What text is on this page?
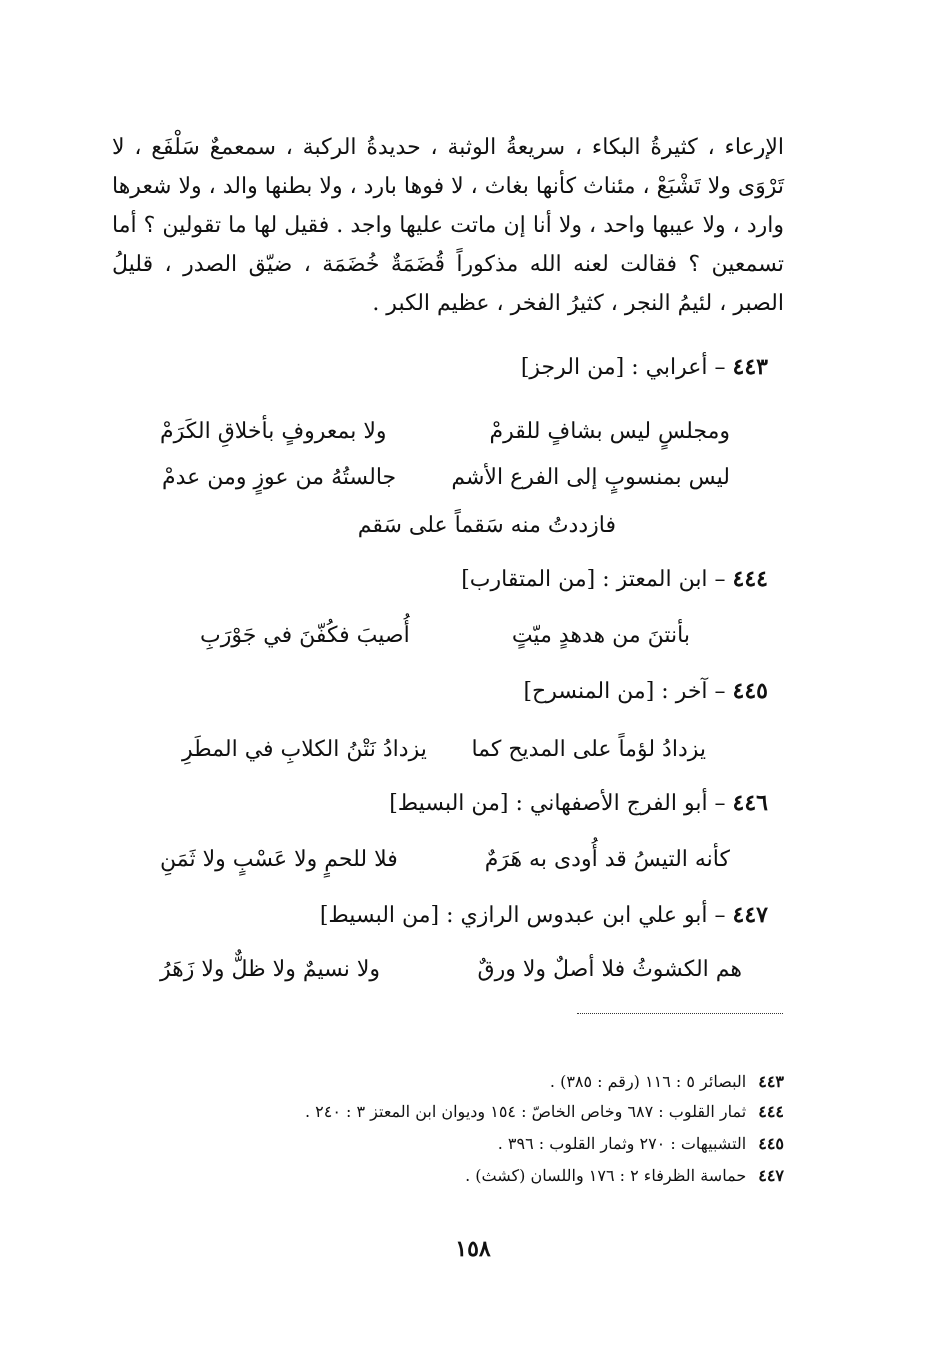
الإرعاء ، كثيرةُ البكاء ، سريعةُ الوثبة ، حديدةُ الركبة ، سمعمعٌ سَلْفَع ، لا تَرْوَى ولا تَشْبَعْ ، مئناث كأنها بغاث ، لا فوها بارد ، ولا بطنها والد ، ولا شعرها وارد ، ولا عيبها واحد ، ولا أنا إن ماتت عليها واجد . فقيل لها ما تقولين ؟ أما تسمعين ؟ فقالت لعنه الله مذكوراً قُضَمَةٌ خُضَمَة ، ضيّق الصدر ، قليلُ الصبر ، لئيمُ النجر ، كثيرُ الفخر ، عظيم الكبر .

٤٤٣ – أعرابي : [من الرجز]
ومجلسٍ ليس بشافٍ للقرمْ
ولا بمعروفٍ بأخلاقِ الكَرَمْ
ليس بمنسوبٍ إلى الفرع الأشم
جالستُهُ من عوزٍ ومن عدمْ
فازددتُ منه سَقماً على سَقم
٤٤٤ – ابن المعتز : [من المتقارب]
بأنتنَ من هدهدٍ ميّتٍ
أُصيبَ فكُفّنَ في جَوْرَبِ
٤٤٥ – آخر : [من المنسرح]
يزدادُ لؤماً على المديح كما
يزدادُ نَتْنُ الكلابِ في المطَرِ
٤٤٦ – أبو الفرج الأصفهاني : [من البسيط]
كأنه التيسُ قد أُودى به هَرَمٌ
فلا للحمٍ ولا عَسْبٍ ولا ثَمَنِ
٤٤٧ – أبو علي ابن عبدوس الرازي : [من البسيط]
هم الكشوثُ فلا أصلٌ ولا ورقٌ
ولا نسيمٌ ولا ظلٌّ ولا زَهَرُ
٤٤٣البصائر ٥ : ١١٦ (رقم : ٣٨٥) .
٤٤٤ثمار القلوب : ٦٨٧ وخاص الخاصّ : ١٥٤ وديوان ابن المعتز ٣ : ٢٤٠ .
٤٤٥التشبيهات : ٢٧٠ وثمار القلوب : ٣٩٦ .
٤٤٧حماسة الظرفاء ٢ : ١٧٦ واللسان (كشث) .
١٥٨
